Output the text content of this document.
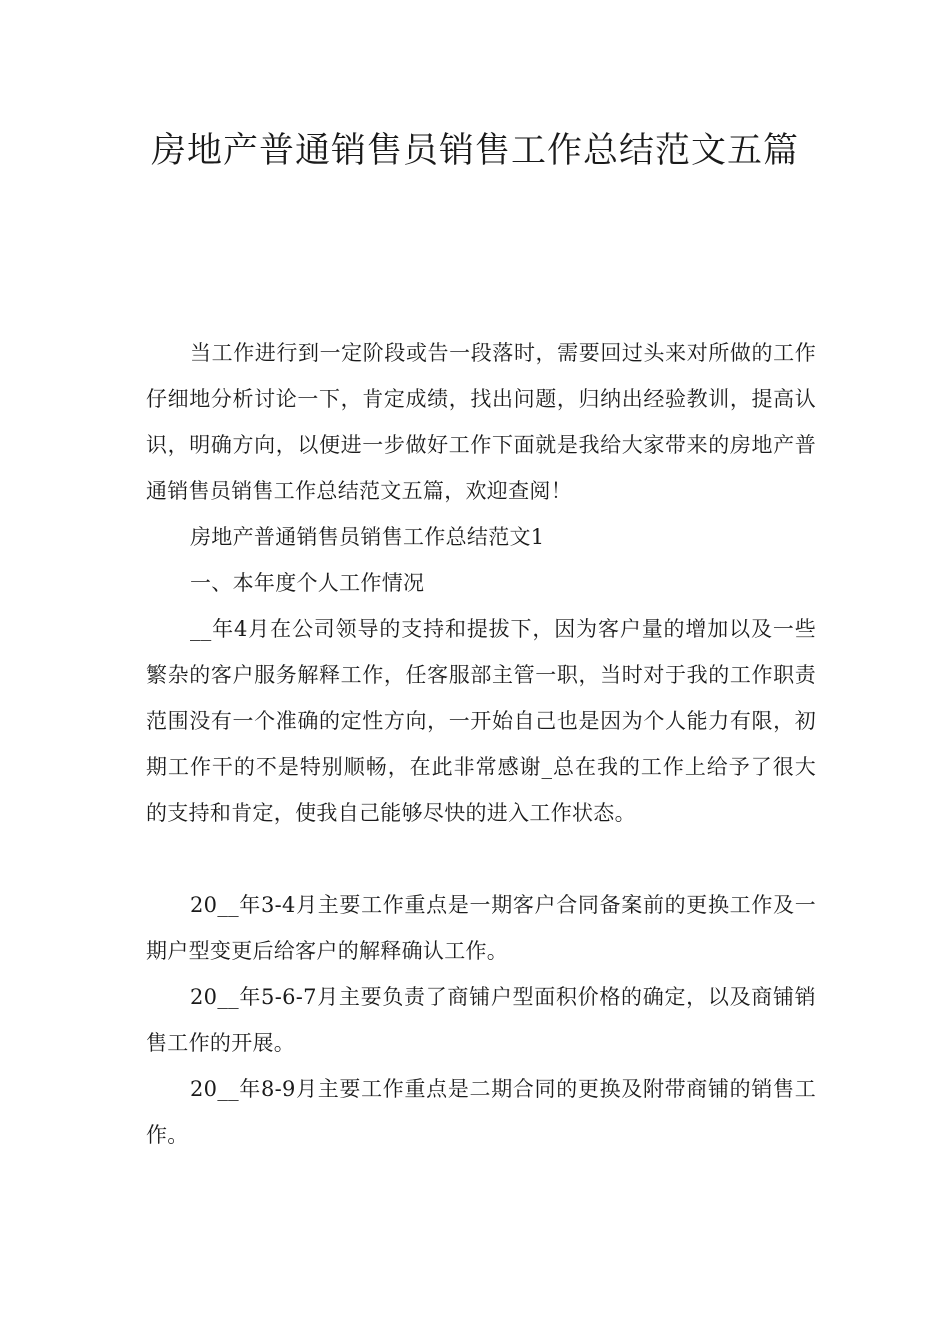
房地产普通销售员销售工作总结范文五篇

当工作进行到一定阶段或告一段落时，需要回过头来对所做的工作仔细地分析讨论一下，肯定成绩，找出问题，归纳出经验教训，提高认识，明确方向，以便进一步做好工作下面就是我给大家带来的房地产普通销售员销售工作总结范文五篇，欢迎查阅！

房地产普通销售员销售工作总结范文1

一、本年度个人工作情况

__年4月在公司领导的支持和提拔下，因为客户量的增加以及一些繁杂的客户服务解释工作，任客服部主管一职，当时对于我的工作职责范围没有一个准确的定性方向，一开始自己也是因为个人能力有限，初期工作干的不是特别顺畅，在此非常感谢_总在我的工作上给予了很大的支持和肯定，使我自己能够尽快的进入工作状态。

20__年3-4月主要工作重点是一期客户合同备案前的更换工作及一期户型变更后给客户的解释确认工作。

20__年5-6-7月主要负责了商铺户型面积价格的确定，以及商铺销售工作的开展。

20__年8-9月主要工作重点是二期合同的更换及附带商铺的销售工作。
